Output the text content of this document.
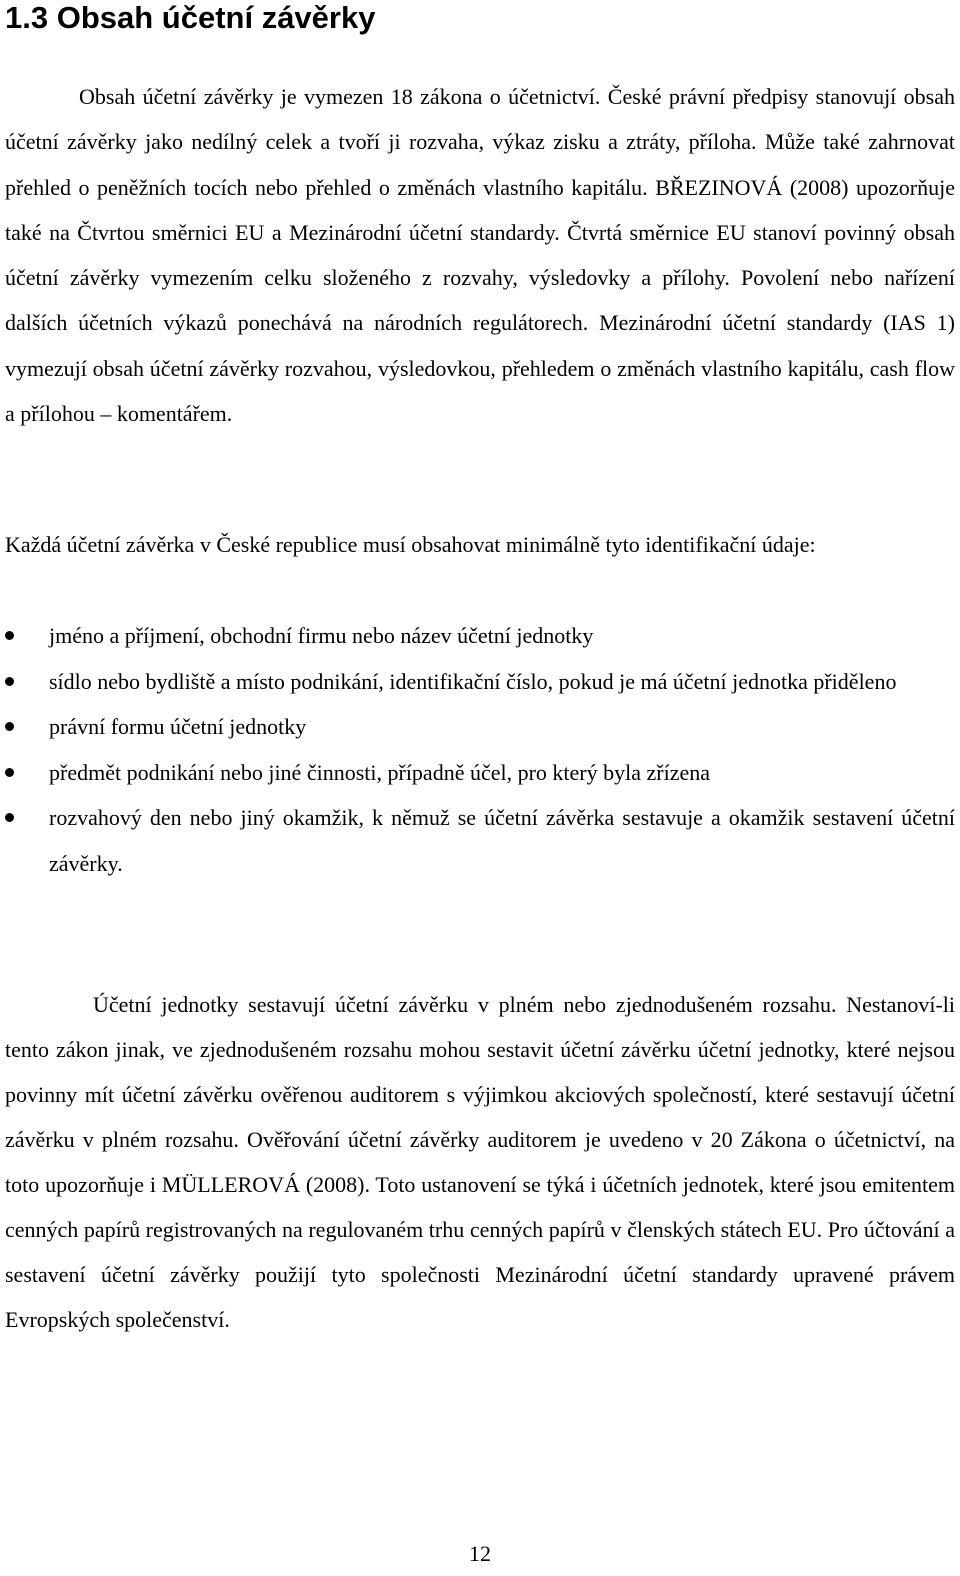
1.3 Obsah účetní závěrky

Obsah účetní závěrky je vymezen 18 zákona o účetnictví. České právní předpisy stanovují obsah účetní závěrky jako nedílný celek a tvoří ji rozvaha, výkaz zisku a ztráty, příloha. Může také zahrnovat přehled o peněžních tocích nebo přehled o změnách vlastního kapitálu. BŘEZINOVÁ (2008) upozorňuje také na Čtvrtou směrnici EU a Mezinárodní účetní standardy. Čtvrtá směrnice EU stanoví povinný obsah účetní závěrky vymezením celku složeného z rozvahy, výsledovky a přílohy. Povolení nebo nařízení dalších účetních výkazů ponechává na národních regulátorech. Mezinárodní účetní standardy (IAS 1) vymezují obsah účetní závěrky rozvahou, výsledovkou, přehledem o změnách vlastního kapitálu, cash flow a přílohou – komentářem.

Každá účetní závěrka v České republice musí obsahovat minimálně tyto identifikační údaje:

jméno a příjmení, obchodní firmu nebo název účetní jednotky
sídlo nebo bydliště a místo podnikání, identifikační číslo, pokud je má účetní jednotka přiděleno
právní formu účetní jednotky
předmět podnikání nebo jiné činnosti, případně účel, pro který byla zřízena
rozvahový den nebo jiný okamžik, k němuž se účetní závěrka sestavuje a okamžik sestavení účetní závěrky.

Účetní jednotky sestavují účetní závěrku v plném nebo zjednodušeném rozsahu. Nestanoví-li tento zákon jinak, ve zjednodušeném rozsahu mohou sestavit účetní závěrku účetní jednotky, které nejsou povinny mít účetní závěrku ověřenou auditorem s výjimkou akciových společností, které sestavují účetní závěrku v plném rozsahu. Ověřování účetní závěrky auditorem je uvedeno v 20 Zákona o účetnictví, na toto upozorňuje i MÜLLEROVÁ (2008). Toto ustanovení se týká i účetních jednotek, které jsou emitentem cenných papírů registrovaných na regulovaném trhu cenných papírů v členských státech EU. Pro účtování a sestavení účetní závěrky použijí tyto společnosti Mezinárodní účetní standardy upravené právem Evropských společenství.

12
